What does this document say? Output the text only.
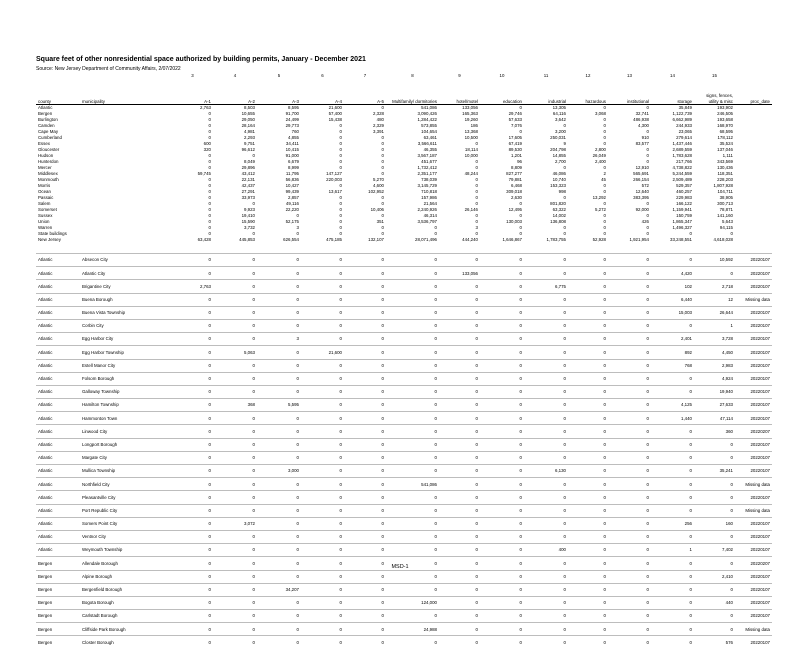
Square feet of other nonresidential space authorized by building permits, January - December 2021
Source: New Jersey Department of Community Affairs, 2/07/2022
		3	4	5	6	7	8	9	10	11	12	13	14	15	
county	municipality	A-1	A-2	A-3	A-4	A-5	Multifamily/ dormitories	hotel/motel	education	industrial	hazardous	institutional	storage	signs, fences, utility & misc	proc_date
Atlantic		2,763	8,503	8,595	21,600	0	541,086	133,056	0	13,305	0	0	35,849	193,902	
Bergen		0	10,655	91,700	57,400	2,328	3,090,426	165,363	29,746	64,116	3,068	32,741	1,122,739	246,505	
Burlington		0	29,050	24,499	15,438	480	1,284,422	19,260	57,633	3,642	0	486,938	6,662,989	193,658	
Camden		0	28,164	29,773	0	2,329	573,855	186	7,076	0	0	4,300	244,933	168,970	
Cape May		0	4,981	760	0	3,391	104,654	13,368	0	3,200	0	0	23,065	68,595	
Cumberland		0	2,293	4,855	0	0	63,461	10,500	17,605	250,031	0	910	279,614	178,112	
Essex		600	9,751	34,411	0	0	3,566,611	0	67,419	9	0	83,577	1,437,446	35,524	
Gloucester		320	96,612	10,415	0	0	46,355	18,114	89,530	204,798	2,800	0	2,689,559	137,046	
Hudson		0	0	91,000	0	0	3,567,187	10,000	1,201	14,855	26,049	0	1,783,628	1,111	
Hunterdon		0	8,049	6,679	0	0	451,677	0	96	2,700	2,400	0	217,766	343,569	
Mercer		0	29,896	8,999	0	0	1,732,412	0	8,809	0	0	12,910	4,738,822	130,436	
Middlesex		59,745	43,412	11,795	147,127	0	2,351,177	48,244	827,277	46,086	2	565,691	5,244,559	118,351	
Monmouth		0	22,131	56,836	220,003	5,270	738,039	0	79,881	10,740	45	266,154	2,509,489	228,203	
Morris		0	42,437	10,427	0	4,600	3,145,729	0	6,468	153,323	0	572	529,357	1,807,928	
Ocean		0	27,291	99,439	13,617	102,952	710,818	0	309,018	998	0	12,640	460,257	104,711	
Passaic		0	33,973	2,857	0	0	157,986	0	2,630	0	13,292	383,395	229,983	38,905	
Salem		0	0	49,116	0	0	21,564	0	0	801,820	0	0	166,122	300,713	
Somerset		0	9,923	22,220	0	10,406	2,240,926	26,146	12,495	63,322	5,272	92,000	1,159,941	78,871	
Sussex		0	19,410	0	0	0	46,314	0	0	14,002	0	0	150,759	141,160	
Union		0	15,590	52,175	0	351	3,536,797	0	130,003	136,808	0	426	1,865,347	5,643	
Warren		0	3,732	3	0	0	0	3	0	0	0	0	1,496,327	94,115	
State buildings		0	0	0	0	0	0	0	0	0	0	0	0	0	
New Jersey		63,428	445,853	626,554	475,185	132,107	28,071,496	444,240	1,646,867	1,783,755	52,928	1,921,954	33,248,551	4,618,028	

Atlantic	Absecon City	0	0	0	0	0	0	0	0	0	0	0	0	10,592	20220107
Atlantic	Atlantic City	0	0	0	0	0	0	133,056	0	0	0	0	4,420	0	20220107
Atlantic	Brigantine City	2,763	0	0	0	0	0	0	0	6,775	0	0	102	2,718	20220107
Atlantic	Buena Borough	0	0	0	0	0	0	0	0	0	0	0	6,440	12	Missing data
Atlantic	Buena Vista Township	0	0	0	0	0	0	0	0	0	0	0	15,003	26,644	20220107
Atlantic	Corbin City	0	0	0	0	0	0	0	0	0	0	0	0	1	20220107
Atlantic	Egg Harbor City	0	0	3	0	0	0	0	0	0	0	0	2,401	3,728	20220107
Atlantic	Egg Harbor Township	0	5,063	0	21,600	0	0	0	0	0	0	0	892	4,450	20220107
Atlantic	Estell Manor City	0	0	0	0	0	0	0	0	0	0	0	768	2,983	20220107
Atlantic	Folsom Borough	0	0	0	0	0	0	0	0	0	0	0	0	4,924	20220107
Atlantic	Galloway Township	0	0	0	0	0	0	0	0	0	0	0	0	19,940	20220107
Atlantic	Hamilton Township	0	368	5,595	0	0	0	0	0	0	0	0	4,125	27,633	20220107
Atlantic	Hammonton Town	0	0	0	0	0	0	0	0	0	0	0	1,440	47,114	20220107
Atlantic	Linwood City	0	0	0	0	0	0	0	0	0	0	0	0	360	20220207
Atlantic	Longport Borough	0	0	0	0	0	0	0	0	0	0	0	0	0	20220107
Atlantic	Margate City	0	0	0	0	0	0	0	0	0	0	0	0	0	20220107
Atlantic	Mullica Township	0	0	3,000	0	0	0	0	0	6,130	0	0	0	35,241	20220107
Atlantic	Northfield City	0	0	0	0	0	541,086	0	0	0	0	0	0	0	Missing data
Atlantic	Pleasantville City	0	0	0	0	0	0	0	0	0	0	0	0	0	20220107
Atlantic	Port Republic City	0	0	0	0	0	0	0	0	0	0	0	0	0	Missing data
Atlantic	Somers Point City	0	3,072	0	0	0	0	0	0	0	0	0	256	160	20220107
Atlantic	Ventnor City	0	0	0	0	0	0	0	0	0	0	0	0	0	20220107
Atlantic	Weymouth Township	0	0	0	0	0	0	0	0	400	0	0	1	7,402	20220107
Bergen	Allendale Borough	0	0	0	0	0	0	0	0	0	0	0	0	0	20220207
Bergen	Alpine Borough	0	0	0	0	0	0	0	0	0	0	0	0	2,410	20220107
Bergen	Bergenfield Borough	0	0	34,207	0	0	0	0	0	0	0	0	0	0	20220107
Bergen	Bogota Borough	0	0	0	0	0	124,000	0	0	0	0	0	0	440	20220107
Bergen	Carlstadt Borough	0	0	0	0	0	0	0	0	0	0	0	0	0	20220107
Bergen	Cliffside Park Borough	0	0	0	0	0	24,988	0	0	0	0	0	0	0	Missing data
Bergen	Closter Borough	0	0	0	0	0	0	0	0	0	0	0	0	576	20220107
MSD-1
